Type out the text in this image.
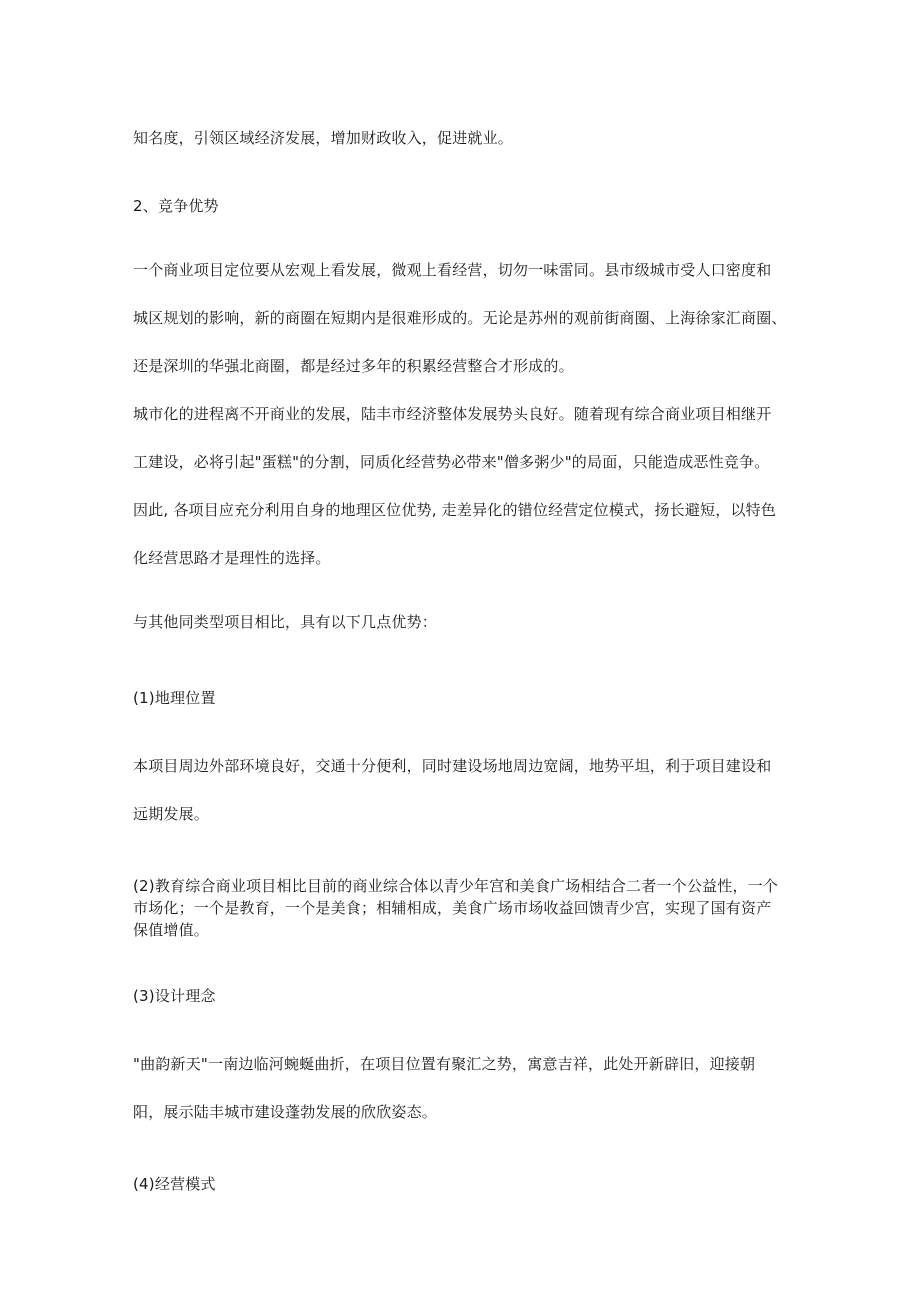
知名度，引领区域经济发展，增加财政收入，促进就业。
2、竞争优势
一个商业项目定位要从宏观上看发展，微观上看经营，切勿一味雷同。县市级城市受人口密度和
城区规划的影响，新的商圈在短期内是很难形成的。无论是苏州的观前街商圈、上海徐家汇商圈、
还是深圳的华强北商圈，都是经过多年的积累经营整合才形成的。
城市化的进程离不开商业的发展，陆丰市经济整体发展势头良好。随着现有综合商业项目相继开
工建设，必将引起"蛋糕"的分割，同质化经营势必带来"僧多粥少"的局面，只能造成恶性竞争。
因此, 各项目应充分利用自身的地理区位优势, 走差异化的错位经营定位模式，扬长避短，以特色
化经营思路才是理性的选择。
与其他同类型项目相比，具有以下几点优势：
(1)地理位置
本项目周边外部环境良好，交通十分便利，同时建设场地周边宽阔，地势平坦，利于项目建设和
远期发展。
(2)教育综合商业项目相比目前的商业综合体以青少年宫和美食广场相结合二者一个公益性，一个
市场化；一个是教育，一个是美食；相辅相成，美食广场市场收益回馈青少宫，实现了国有资产
保值增值。
(3)设计理念
"曲韵新天"一南边临河蜿蜒曲折，在项目位置有聚汇之势，寓意吉祥，此处开新辟旧，迎接朝
阳，展示陆丰城市建设蓬勃发展的欣欣姿态。
(4)经营模式
